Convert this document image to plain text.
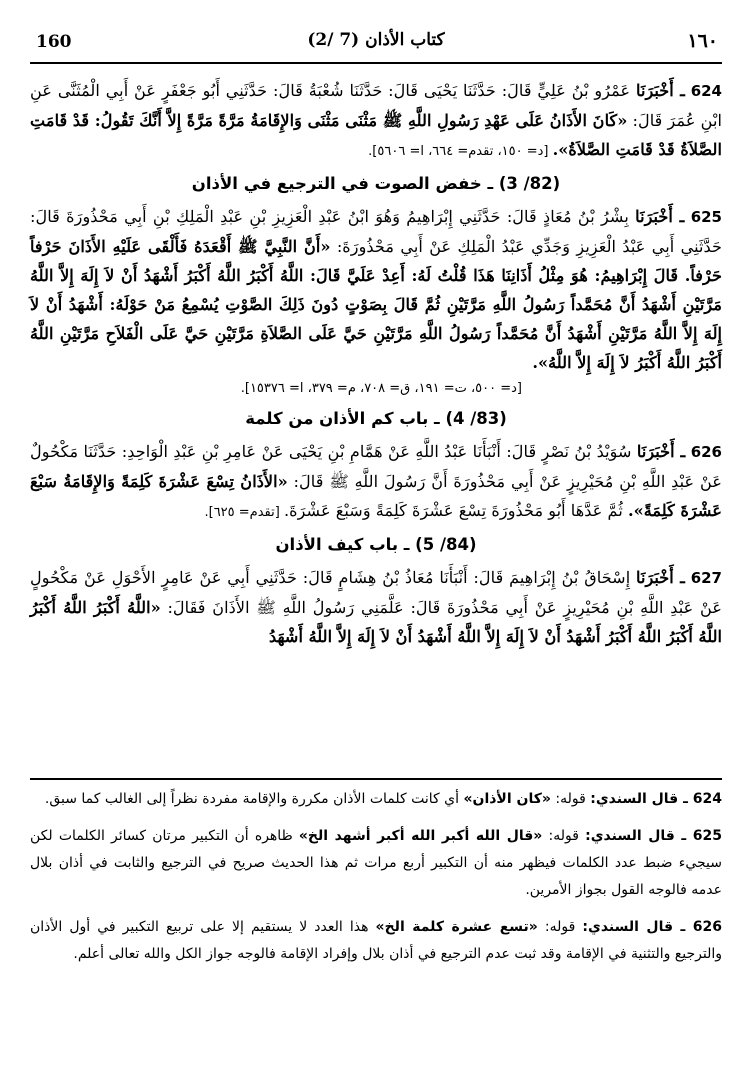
160	(2/ 7) كتاب الأذان	١٦٠

624 ـ أَخْبَرَنَا عَمْرُو بْنُ عَلِيٍّ قَالَ: حَدَّثَنَا يَحْيَى قَالَ: حَدَّثَنَا شُعْبَةُ قَالَ: حَدَّثَنِي أَبُو جَعْفَرٍ عَنْ أَبِي الْمُثَنَّى عَنِ ابْنِ عُمَرَ قَالَ: «كَانَ الأَذَانُ عَلَى عَهْدِ رَسُولِ اللَّهِ ﷺ مَثْنَى مَثْنَى وَالإِقَامَةُ مَرَّةً مَرَّةً إِلاَّ أَنَّكَ تَقُولُ: قَدْ قَامَتِ الصَّلاَةُ قَدْ قَامَتِ الصَّلاَةُ». [د= ١٥٠، تقدم= ٦٦٤، ا= ٥٦٠٦].

(82/ 3) ـ خفض الصوت في الترجيع في الأذان

625 ـ أَخْبَرَنَا بِشْرُ بْنُ مُعَاذٍ قَالَ: حَدَّثَنِي إِبْرَاهِيمُ وَهُوَ ابْنُ عَبْدِ الْعَزِيزِ بْنِ عَبْدِ الْمَلِكِ بْنِ أَبِي مَحْذُورَةَ قَالَ: حَدَّثَنِي أَبِي عَبْدُ الْعَزِيزِ وَجَدِّي عَبْدُ الْمَلِكِ عَنْ أَبِي مَحْذُورَةَ: «أَنَّ النَّبِيَّ ﷺ أَقْعَدَهُ فَأَلْقَى عَلَيْهِ الأَذَانَ حَرْفاً حَرْفاً. قَالَ إِبْرَاهِيمُ: هُوَ مِثْلُ أَذَانِنَا هَذَا قُلْتُ لَهُ: أَعِدْ عَلَيَّ قَالَ: اللَّهُ أَكْبَرُ اللَّهُ أَكْبَرُ أَشْهَدُ أَنْ لاَ إِلَهَ إِلاَّ اللَّهُ مَرَّتَيْنِ أَشْهَدُ أَنَّ مُحَمَّداً رَسُولُ اللَّهِ مَرَّتَيْنِ ثُمَّ قَالَ بِصَوْتٍ دُونَ ذَلِكَ الصَّوْتِ يُسْمِعُ مَنْ حَوْلَهُ: أَشْهَدُ أَنْ لاَ إِلَهَ إِلاَّ اللَّهُ مَرَّتَيْنِ أَشْهَدُ أَنَّ مُحَمَّداً رَسُولُ اللَّهِ مَرَّتَيْنِ حَيَّ عَلَى الصَّلاَةِ مَرَّتَيْنِ حَيَّ عَلَى الْفَلاَحِ مَرَّتَيْنِ اللَّهُ أَكْبَرُ اللَّهُ أَكْبَرُ لاَ إِلَهَ إِلاَّ اللَّهُ».

[د= ٥٠٠، ت= ١٩١، ق= ٧٠٨، م= ٣٧٩، ا= ١٥٣٧٦].
(83/ 4) ـ باب كم الأذان من كلمة

626 ـ أَخْبَرَنَا سُوَيْدُ بْنُ نَصْرٍ قَالَ: أَنْبَأَنَا عَبْدُ اللَّهِ عَنْ هَمَّامِ بْنِ يَحْيَى عَنْ عَامِرِ بْنِ عَبْدِ الْوَاحِدِ: حَدَّثَنَا مَكْحُولٌ عَنْ عَبْدِ اللَّهِ بْنِ مُحَيْرِيزٍ عَنْ أَبِي مَحْذُورَةَ أَنَّ رَسُولَ اللَّهِ ﷺ قَالَ: «الأَذَانُ تِسْعَ عَشْرَةَ كَلِمَةً وَالإِقَامَةُ سَبْعَ عَشْرَةَ كَلِمَةً». ثُمَّ عَدَّهَا أَبُو مَحْذُورَةَ تِسْعَ عَشْرَةَ كَلِمَةً وَسَبْعَ عَشْرَةَ. [تقدم= ٦٢٥].

(84/ 5) ـ باب كيف الأذان

627 ـ أَخْبَرَنَا إِسْحَاقُ بْنُ إِبْرَاهِيمَ قَالَ: أَنْبَأَنَا مُعَاذُ بْنُ هِشَامٍ قَالَ: حَدَّثَنِي أَبِي عَنْ عَامِرٍ الأَحْوَلِ عَنْ مَكْحُولٍ عَنْ عَبْدِ اللَّهِ بْنِ مُحَيْرِيزٍ عَنْ أَبِي مَحْذُورَةَ قَالَ: عَلَّمَنِي رَسُولُ اللَّهِ ﷺ الأَذَانَ فَقَالَ: «اللَّهُ أَكْبَرُ اللَّهُ أَكْبَرُ اللَّهُ أَكْبَرُ اللَّهُ أَكْبَرُ أَشْهَدُ أَنْ لاَ إِلَهَ إِلاَّ اللَّهُ أَشْهَدُ أَنْ لاَ إِلَهَ إِلاَّ اللَّهُ أَشْهَدُ

624 ـ قال السندي: قوله: «كان الأذان» أي كانت كلمات الأذان مكررة والإقامة مفردة نظراً إلى الغالب كما سبق.

625 ـ قال السندي: قوله: «قال الله أكبر الله أكبر أشهد الخ» ظاهره أن التكبير مرتان كسائر الكلمات لكن سيجيء ضبط عدد الكلمات فيظهر منه أن التكبير أربع مرات ثم هذا الحديث صريح في الترجيع والثابت في أذان بلال عدمه فالوجه القول بجواز الأمرين.

626 ـ قال السندي: قوله: «تسع عشرة كلمة الخ» هذا العدد لا يستقيم إلا على تربيع التكبير في أول الأذان والترجيع والتثنية في الإقامة وقد ثبت عدم الترجيع في أذان بلال وإفراد الإقامة فالوجه جواز الكل والله تعالى أعلم.
